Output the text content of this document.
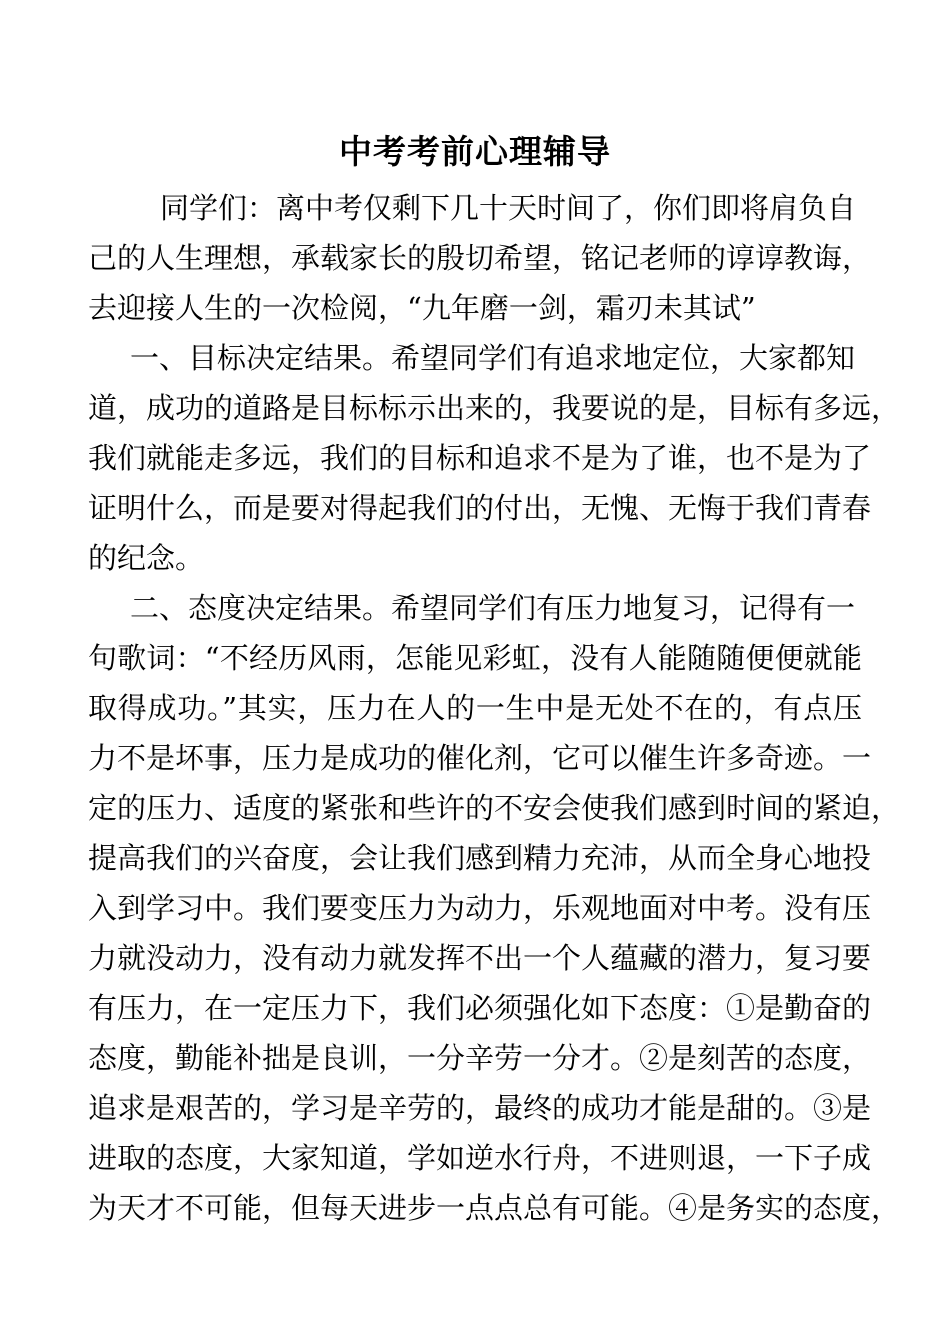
中考考前心理辅导
同学们：离中考仅剩下几十天时间了，你们即将肩负自
己的人生理想，承载家长的殷切希望，铭记老师的谆谆教诲，
去迎接人生的一次检阅，“九年磨一剑，霜刃未其试”
一、目标决定结果。希望同学们有追求地定位，大家都知
道，成功的道路是目标标示出来的，我要说的是，目标有多远，
我们就能走多远，我们的目标和追求不是为了谁，也不是为了
证明什么，而是要对得起我们的付出，无愧、无悔于我们青春
的纪念。
二、态度决定结果。希望同学们有压力地复习，记得有一
句歌词：“不经历风雨，怎能见彩虹，没有人能随随便便就能
取得成功。”其实，压力在人的一生中是无处不在的，有点压
力不是坏事，压力是成功的催化剂，它可以催生许多奇迹。一
定的压力、适度的紧张和些许的不安会使我们感到时间的紧迫，
提高我们的兴奋度，会让我们感到精力充沛，从而全身心地投
入到学习中。我们要变压力为动力，乐观地面对中考。没有压
力就没动力，没有动力就发挥不出一个人蕴藏的潜力，复习要
有压力，在一定压力下，我们必须强化如下态度：①是勤奋的
态度，勤能补拙是良训，一分辛劳一分才。②是刻苦的态度，
追求是艰苦的，学习是辛劳的，最终的成功才能是甜的。③是
进取的态度，大家知道，学如逆水行舟，不进则退，一下子成
为天才不可能，但每天进步一点点总有可能。④是务实的态度，
